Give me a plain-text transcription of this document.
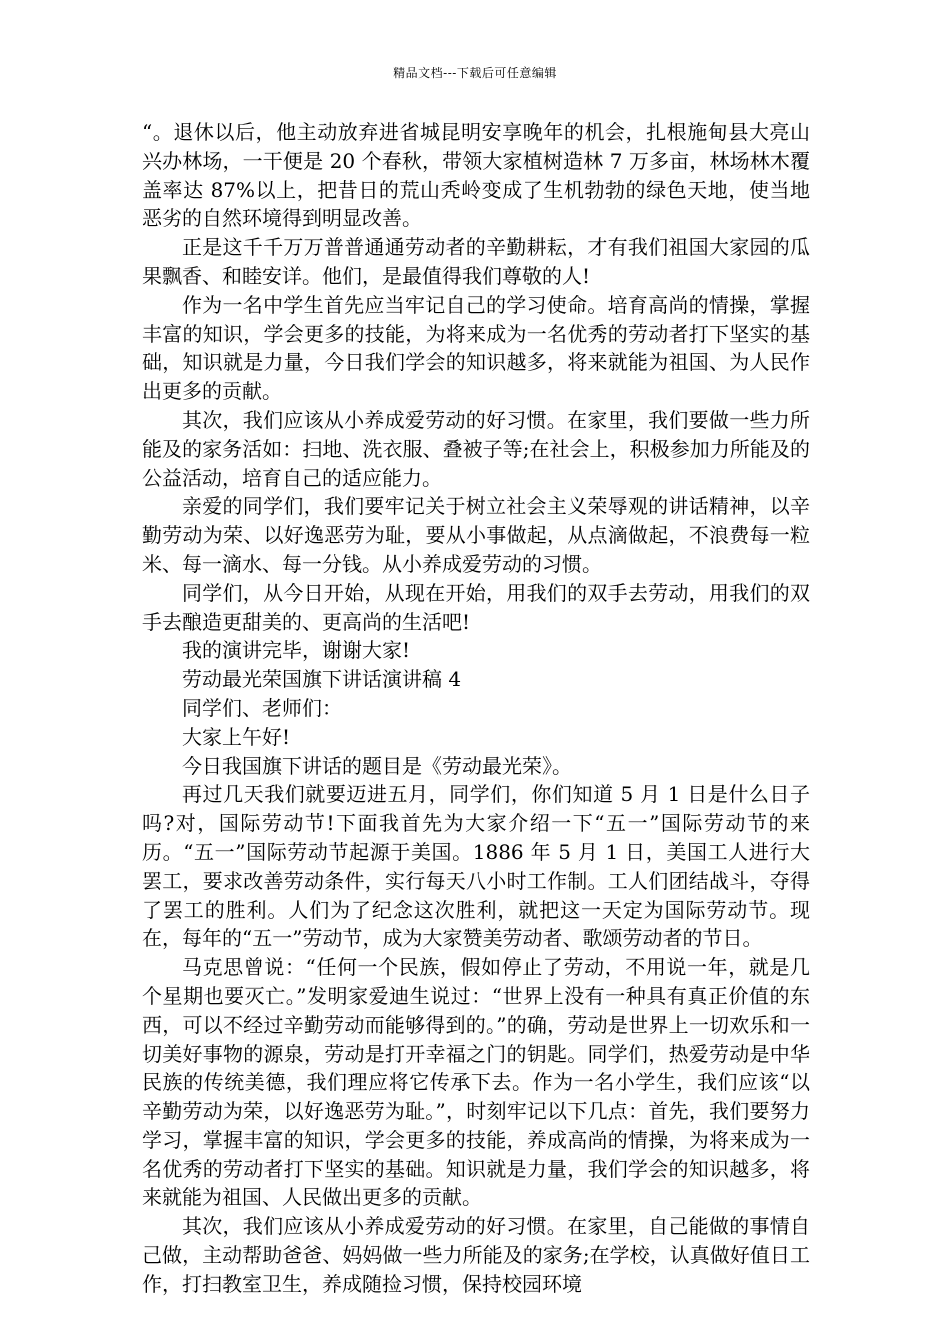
精品文档---下载后可任意编辑

“。退休以后，他主动放弃进省城昆明安享晚年的机会，扎根施甸县大亮山兴办林场，一干便是 20 个春秋，带领大家植树造林 7 万多亩，林场林木覆盖率达 87%以上，把昔日的荒山秃岭变成了生机勃勃的绿色天地，使当地恶劣的自然环境得到明显改善。

正是这千千万万普普通通劳动者的辛勤耕耘，才有我们祖国大家园的瓜果飘香、和睦安详。他们，是最值得我们尊敬的人!

作为一名中学生首先应当牢记自己的学习使命。培育高尚的情操，掌握丰富的知识，学会更多的技能，为将来成为一名优秀的劳动者打下坚实的基础，知识就是力量，今日我们学会的知识越多，将来就能为祖国、为人民作出更多的贡献。

其次，我们应该从小养成爱劳动的好习惯。在家里，我们要做一些力所能及的家务活如：扫地、洗衣服、叠被子等;在社会上，积极参加力所能及的公益活动，培育自己的适应能力。

亲爱的同学们，我们要牢记关于树立社会主义荣辱观的讲话精神，以辛勤劳动为荣、以好逸恶劳为耻，要从小事做起，从点滴做起，不浪费每一粒米、每一滴水、每一分钱。从小养成爱劳动的习惯。

同学们，从今日开始，从现在开始，用我们的双手去劳动，用我们的双手去酿造更甜美的、更高尚的生活吧!

我的演讲完毕，谢谢大家!

劳动最光荣国旗下讲话演讲稿 4

同学们、老师们：

大家上午好!

今日我国旗下讲话的题目是《劳动最光荣》。

再过几天我们就要迈进五月，同学们，你们知道 5 月 1 日是什么日子吗?对，国际劳动节!下面我首先为大家介绍一下“五一”国际劳动节的来历。“五一”国际劳动节起源于美国。1886 年 5 月 1 日，美国工人进行大罢工，要求改善劳动条件，实行每天八小时工作制。工人们团结战斗，夺得了罢工的胜利。人们为了纪念这次胜利，就把这一天定为国际劳动节。现在，每年的“五一”劳动节，成为大家赞美劳动者、歌颂劳动者的节日。

马克思曾说：“任何一个民族，假如停止了劳动，不用说一年，就是几个星期也要灭亡。”发明家爱迪生说过：“世界上没有一种具有真正价值的东西，可以不经过辛勤劳动而能够得到的。”的确，劳动是世界上一切欢乐和一切美好事物的源泉，劳动是打开幸福之门的钥匙。同学们，热爱劳动是中华民族的传统美德，我们理应将它传承下去。作为一名小学生，我们应该“以辛勤劳动为荣，以好逸恶劳为耻。”，时刻牢记以下几点：首先，我们要努力学习，掌握丰富的知识，学会更多的技能，养成高尚的情操，为将来成为一名优秀的劳动者打下坚实的基础。知识就是力量，我们学会的知识越多，将来就能为祖国、人民做出更多的贡献。

其次，我们应该从小养成爱劳动的好习惯。在家里，自己能做的事情自己做，主动帮助爸爸、妈妈做一些力所能及的家务;在学校，认真做好值日工作，打扫教室卫生，养成随捡习惯，保持校园环境
